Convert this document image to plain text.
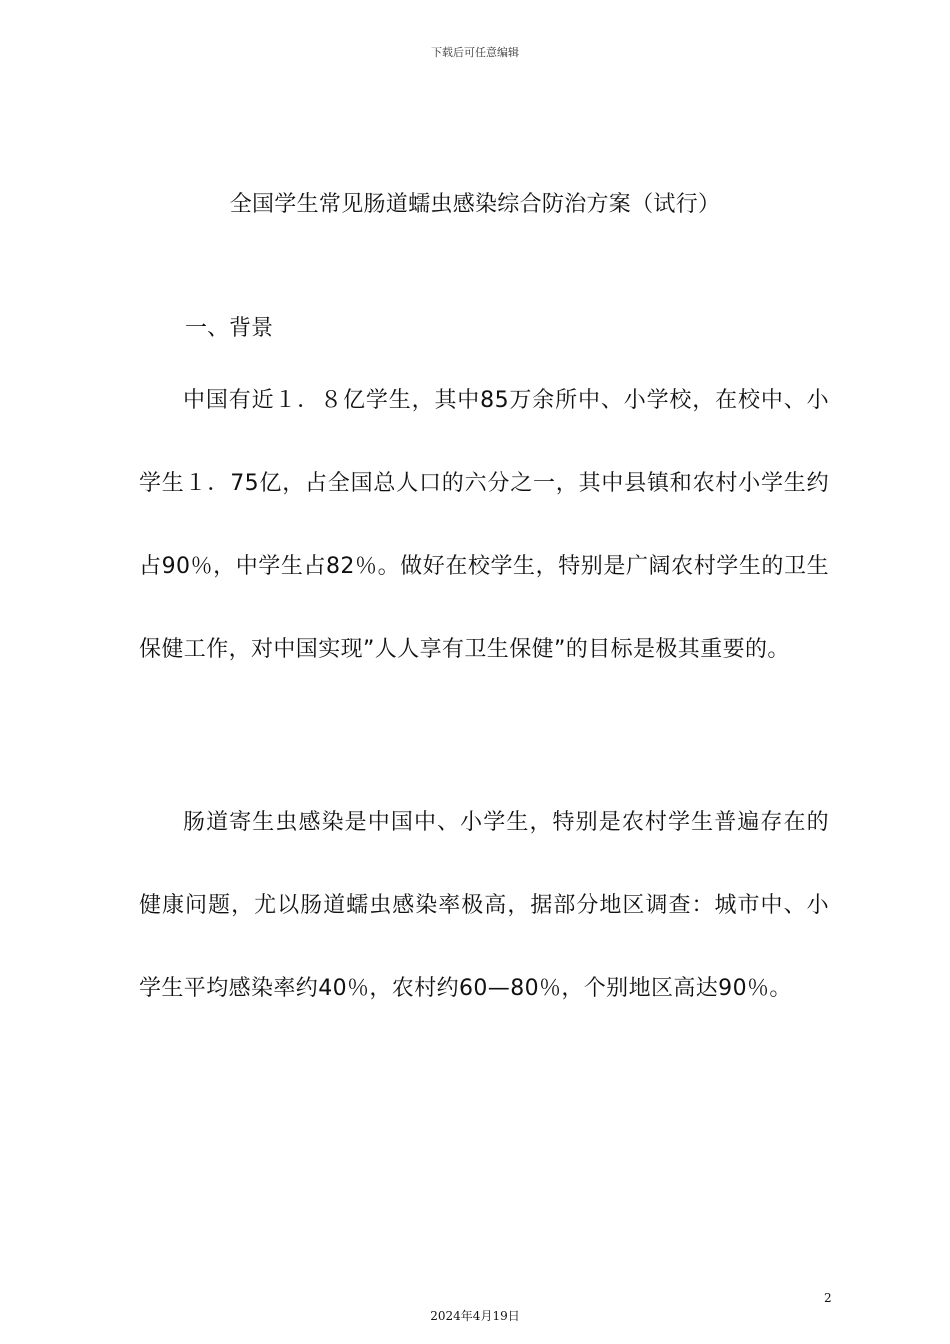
下载后可任意编辑
全国学生常见肠道蠕虫感染综合防治方案（试行）
一、背景

中国有近１．８亿学生，其中85万余所中、小学校，在校中、小学生１．75亿，占全国总人口的六分之一，其中县镇和农村小学生约占90％，中学生占82％。做好在校学生，特别是广阔农村学生的卫生保健工作，对中国实现”人人享有卫生保健”的目标是极其重要的。

肠道寄生虫感染是中国中、小学生，特别是农村学生普遍存在的健康问题，尤以肠道蠕虫感染率极高，据部分地区调查：城市中、小学生平均感染率约40％，农村约60—80％，个别地区高达90％。

2
2024年4月19日
